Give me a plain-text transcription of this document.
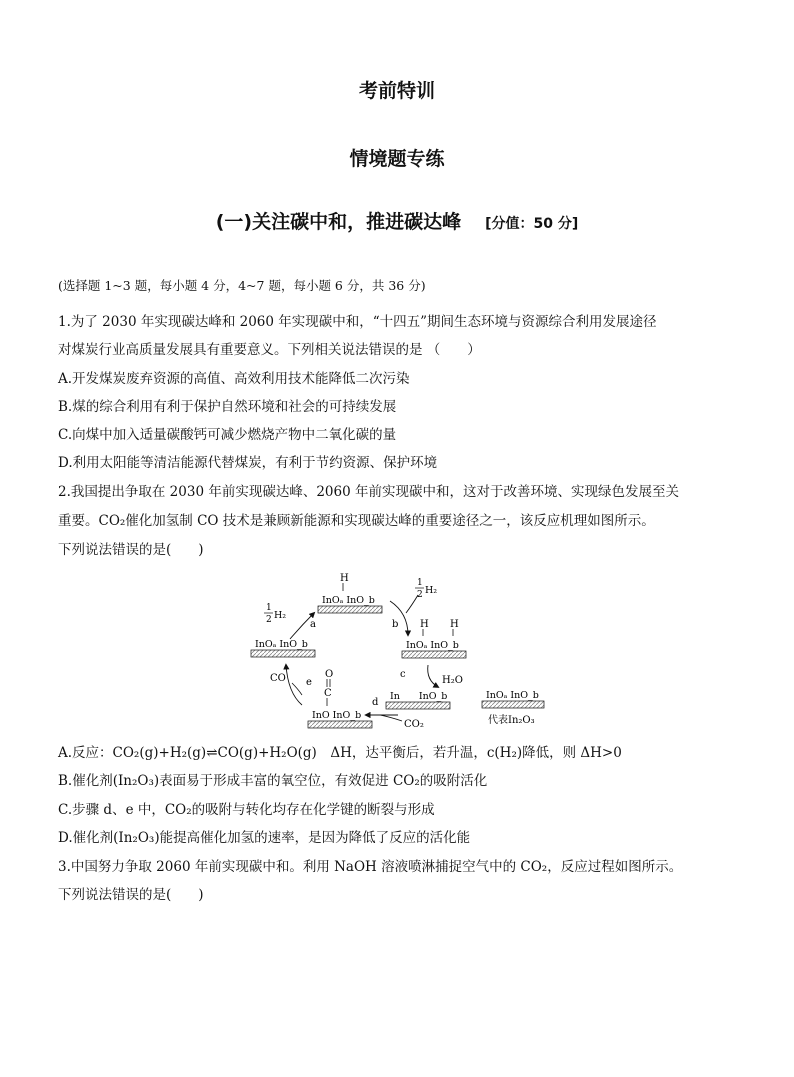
考前特训
情境题专练
(一)关注碳中和，推进碳达峰 [分值：50 分]
(选择题 1~3 题，每小题 4 分，4~7 题，每小题 6 分，共 36 分)
1.为了 2030 年实现碳达峰和 2060 年实现碳中和，“十四五”期间生态环境与资源综合利用发展途径
对煤炭行业高质量发展具有重要意义。下列相关说法错误的是 （　　）
A.开发煤炭废弃资源的高值、高效利用技术能降低二次污染
B.煤的综合利用有利于保护自然环境和社会的可持续发展
C.向煤中加入适量碳酸钙可减少燃烧产物中二氧化碳的量
D.利用太阳能等清洁能源代替煤炭，有利于节约资源、保护环境
2.我国提出争取在 2030 年前实现碳达峰、2060 年前实现碳中和，这对于改善环境、实现绿色发展至关
重要。CO₂催化加氢制 CO 技术是兼顾新能源和实现碳达峰的重要途径之一，该反应机理如图所示。
下列说法错误的是(　　)
H
InOₐ InO_b
InOₐ InO_b
1
2 H₂
a
1
2 H₂
b H H
InOₐ InO_b
c
H₂O
In　　InO_b
d
CO₂
O
C
InO InO_b
e
CO
InOₐ InO_b
代表In₂O₃
A.反应：CO₂(g)+H₂(g)⇌CO(g)+H₂O(g)　ΔH，达平衡后，若升温，c(H₂)降低，则 ΔH>0
B.催化剂(In₂O₃)表面易于形成丰富的氧空位，有效促进 CO₂的吸附活化
C.步骤 d、e 中，CO₂的吸附与转化均存在化学键的断裂与形成
D.催化剂(In₂O₃)能提高催化加氢的速率，是因为降低了反应的活化能
3.中国努力争取 2060 年前实现碳中和。利用 NaOH 溶液喷淋捕捉空气中的 CO₂，反应过程如图所示。
下列说法错误的是(　　)
